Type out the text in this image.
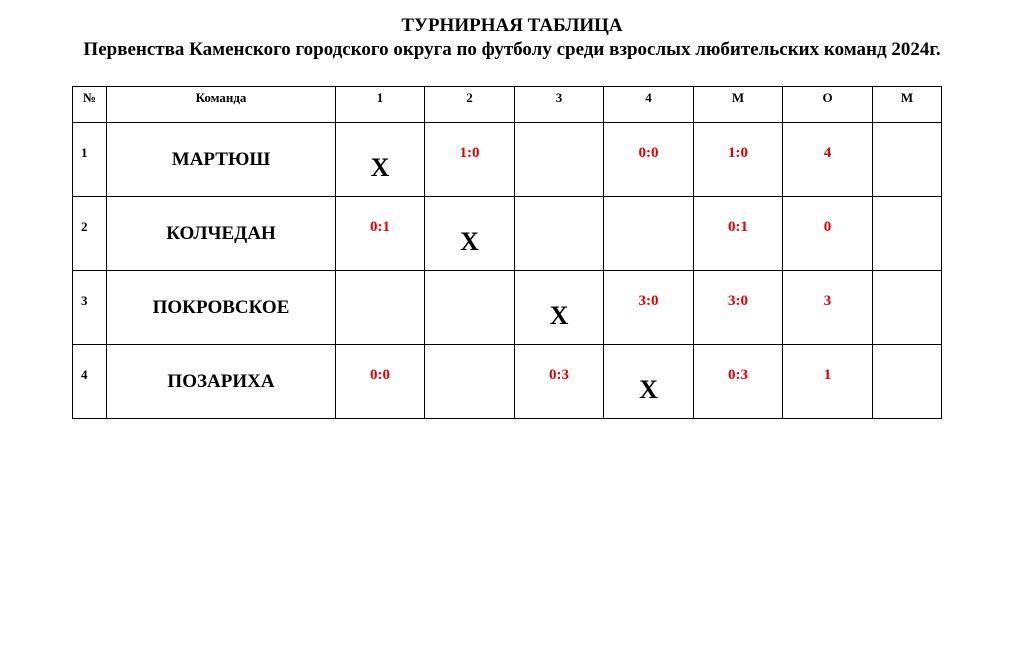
ТУРНИРНАЯ ТАБЛИЦА
Первенства Каменского городского округа по футболу среди взрослых любительских команд 2024г.
№	Команда	1	2	3	4	М	О	М

1	МАРТЮШ	X	1:0		0:0	1:0	4	

2	КОЛЧЕДАН	0:1	X			0:1	0	

3	ПОКРОВСКОЕ			X	3:0	3:0	3	

4	ПОЗАРИХА	0:0		0:3	X	0:3	1	
